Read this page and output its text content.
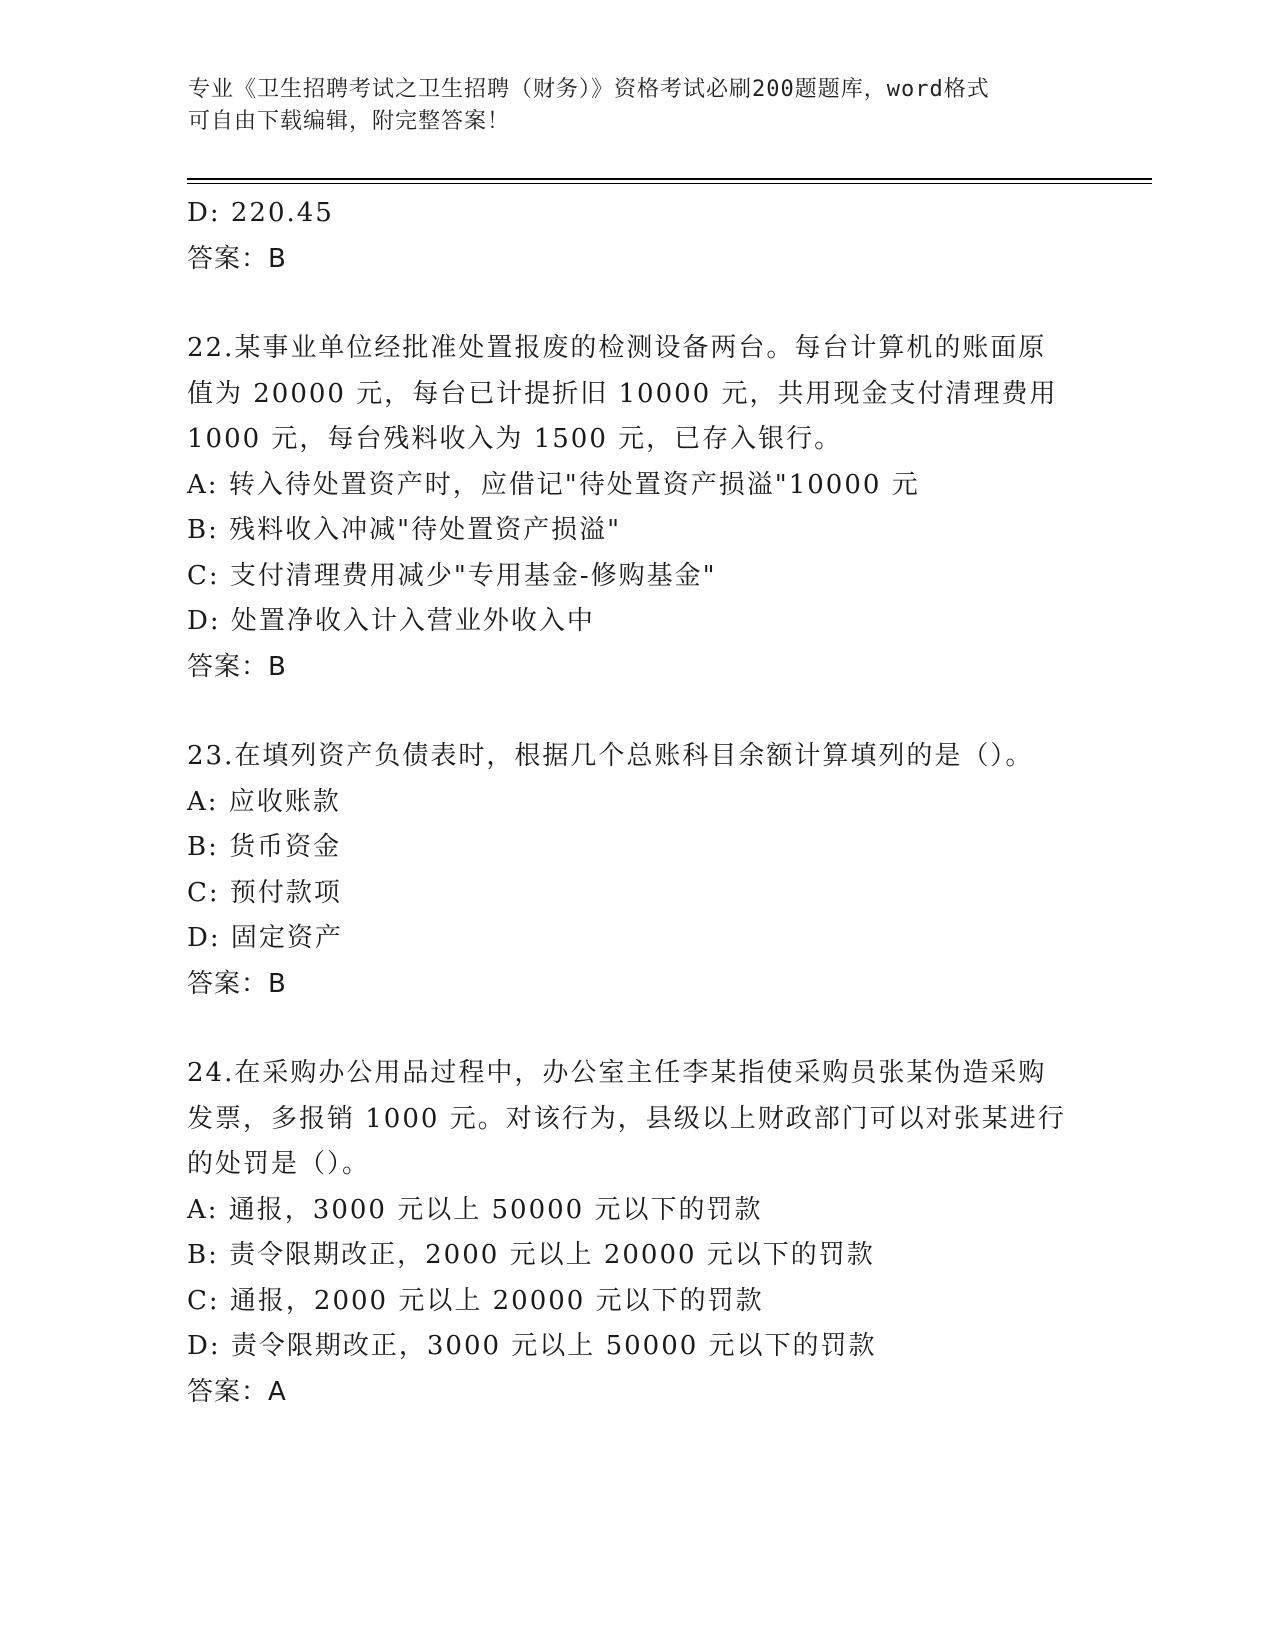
专业《卫生招聘考试之卫生招聘（财务）》资格考试必刷200题题库，word格式
可自由下载编辑，附完整答案！
D: 220.45
答案：B
22.某事业单位经批准处置报废的检测设备两台。每台计算机的账面原
值为 20000 元，每台已计提折旧 10000 元，共用现金支付清理费用
1000 元，每台残料收入为 1500 元，已存入银行。
A: 转入待处置资产时，应借记"待处置资产损溢"10000 元
B: 残料收入冲减"待处置资产损溢"
C: 支付清理费用减少"专用基金-修购基金"
D: 处置净收入计入营业外收入中
答案：B
23.在填列资产负债表时，根据几个总账科目余额计算填列的是（）。
A: 应收账款
B: 货币资金
C: 预付款项
D: 固定资产
答案：B
24.在采购办公用品过程中，办公室主任李某指使采购员张某伪造采购
发票，多报销 1000 元。对该行为，县级以上财政部门可以对张某进行
的处罚是（）。
A: 通报，3000 元以上 50000 元以下的罚款
B: 责令限期改正，2000 元以上 20000 元以下的罚款
C: 通报，2000 元以上 20000 元以下的罚款
D: 责令限期改正，3000 元以上 50000 元以下的罚款
答案：A
